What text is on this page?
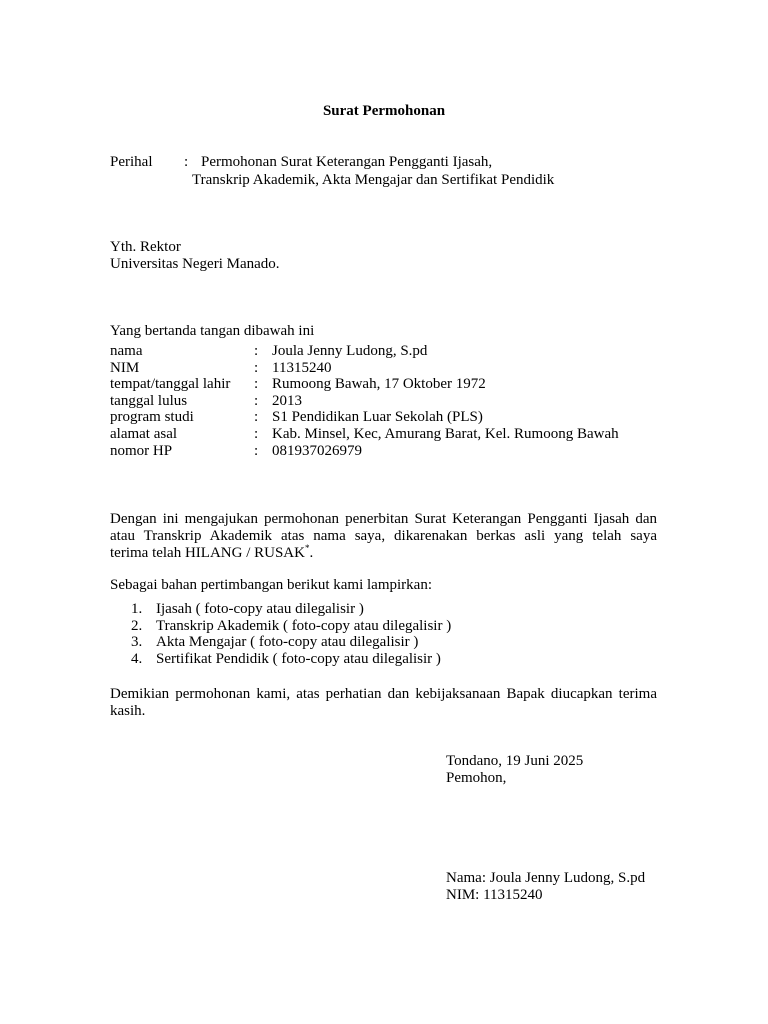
Surat Permohonan
Perihal : Permohonan Surat Keterangan Pengganti Ijasah,
Transkrip Akademik, Akta Mengajar dan Sertifikat Pendidik
Yth. Rektor
Universitas Negeri Manado.
Yang bertanda tangan dibawah ini
nama	: Joula Jenny Ludong, S.pd
NIM	: 11315240
tempat/tanggal lahir : Rumoong Bawah, 17 Oktober 1972
tanggal lulus	: 2013
program studi	: S1 Pendidikan Luar Sekolah (PLS)
alamat asal	: Kab. Minsel, Kec, Amurang Barat, Kel. Rumoong Bawah
nomor HP	: 081937026979
Dengan ini mengajukan permohonan penerbitan Surat Keterangan Pengganti Ijasah dan
atau Transkrip Akademik atas nama saya, dikarenakan berkas asli yang telah saya
terima telah HILANG / RUSAK*.
Sebagai bahan pertimbangan berikut kami lampirkan:
1. Ijasah ( foto-copy atau dilegalisir )
2. Transkrip Akademik ( foto-copy atau dilegalisir )
3. Akta Mengajar ( foto-copy atau dilegalisir )
4. Sertifikat Pendidik ( foto-copy atau dilegalisir )
Demikian permohonan kami, atas perhatian dan kebijaksanaan Bapak diucapkan terima
kasih.
Tondano, 19 Juni 2025
Pemohon,
Nama: Joula Jenny Ludong, S.pd
NIM: 11315240
